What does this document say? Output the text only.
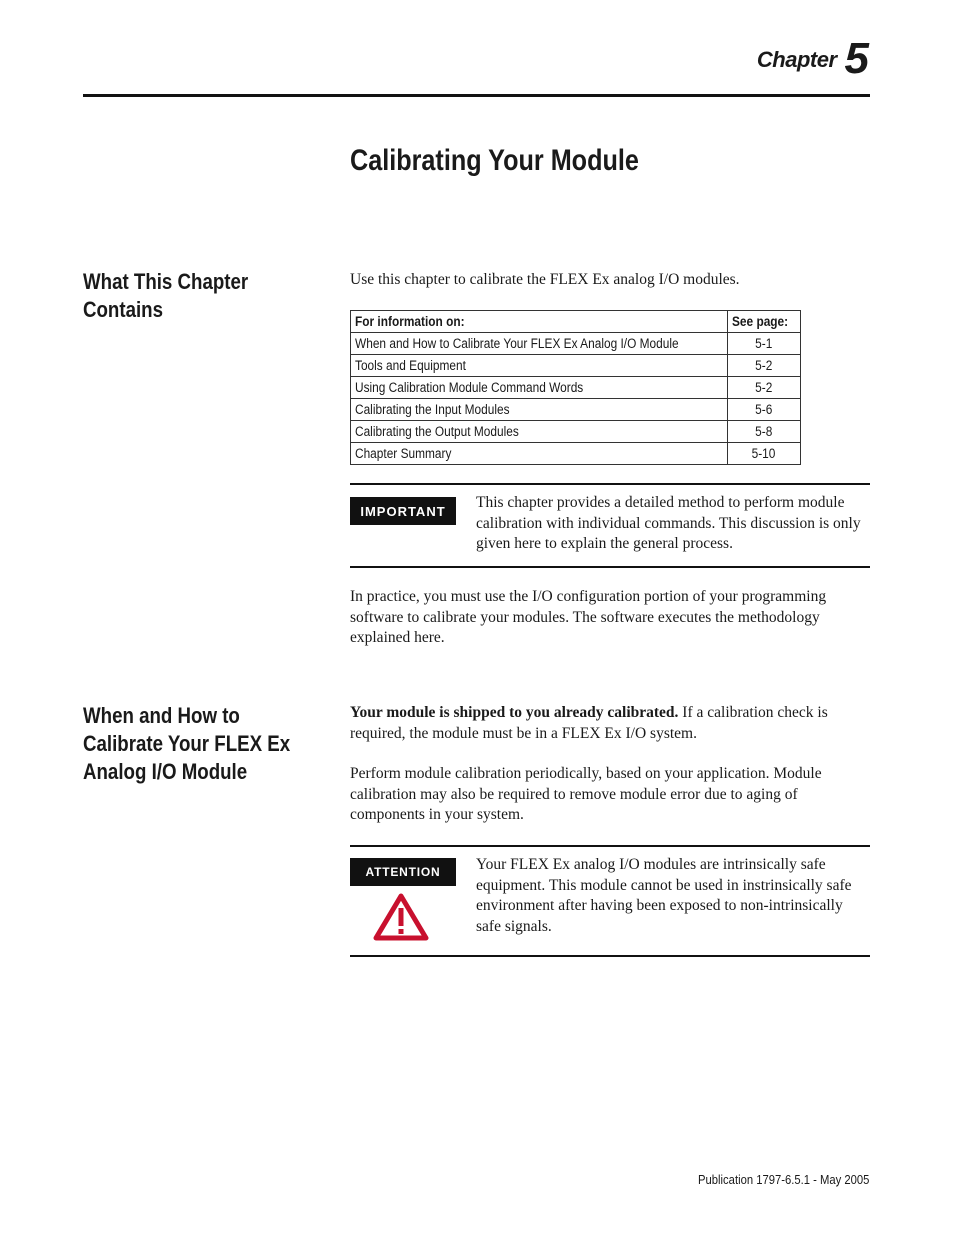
Chapter 5
Calibrating Your Module
What This Chapter Contains
Use this chapter to calibrate the FLEX Ex analog I/O modules.
For information on:	See page:
When and How to Calibrate Your FLEX Ex Analog I/O Module	5-1
Tools and Equipment	5-2
Using Calibration Module Command Words	5-2
Calibrating the Input Modules	5-6
Calibrating the Output Modules	5-8
Chapter Summary	5-10
IMPORTANT	This chapter provides a detailed method to perform module calibration with individual commands. This discussion is only given here to explain the general process.
In practice, you must use the I/O configuration portion of your programming software to calibrate your modules. The software executes the methodology explained here.
When and How to Calibrate Your FLEX Ex Analog I/O Module
Your module is shipped to you already calibrated. If a calibration check is required, the module must be in a FLEX Ex I/O system.
Perform module calibration periodically, based on your application. Module calibration may also be required to remove module error due to aging of components in your system.
ATTENTION	Your FLEX Ex analog I/O modules are intrinsically safe equipment. This module cannot be used in instrinsically safe environment after having been exposed to non-intrinsically safe signals.
Publication 1797-6.5.1 - May 2005
